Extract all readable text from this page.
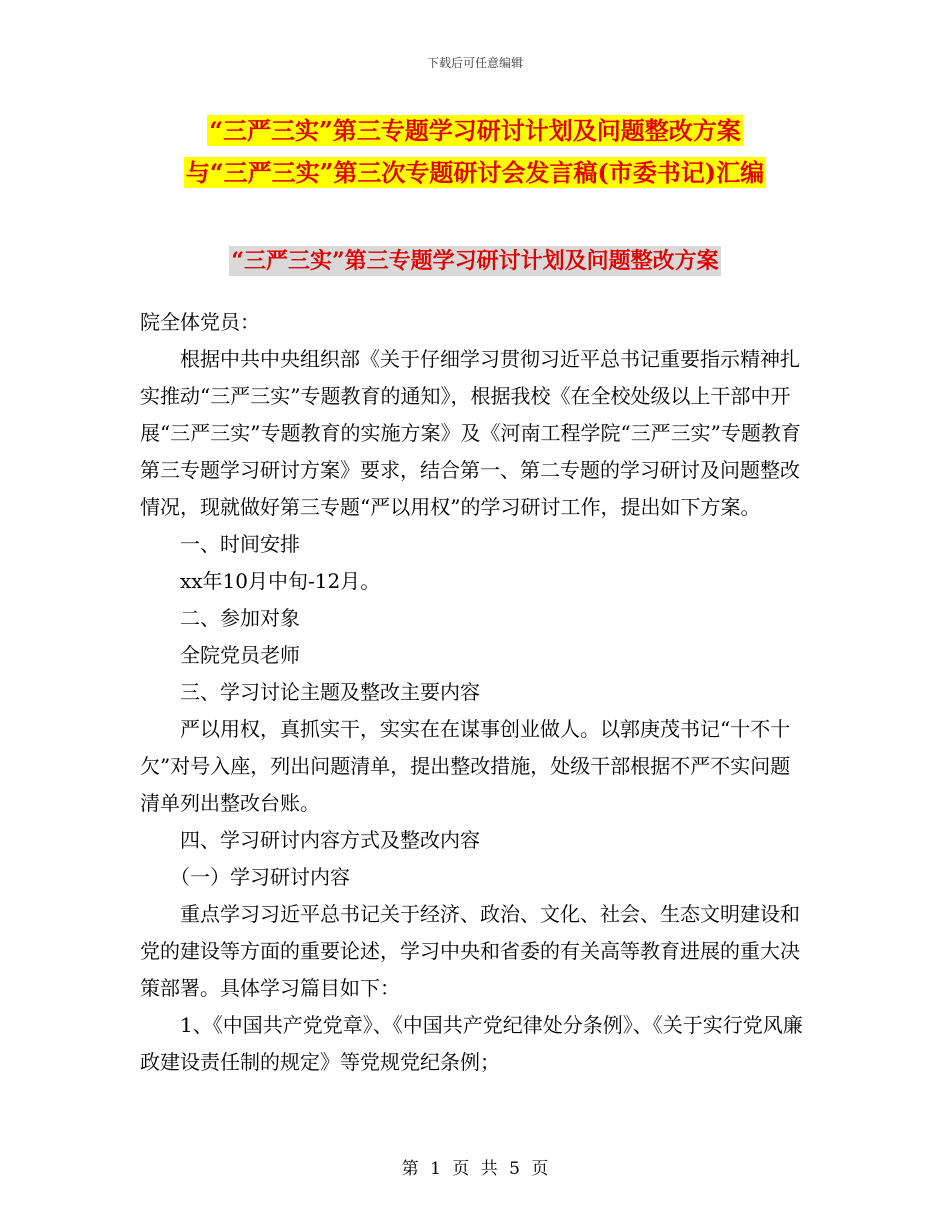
下载后可任意编辑
“三严三实”第三专题学习研讨计划及问题整改方案
与“三严三实”第三次专题研讨会发言稿(市委书记)汇编
“三严三实”第三专题学习研讨计划及问题整改方案

院全体党员：

根据中共中央组织部《关于仔细学习贯彻习近平总书记重要指示精神扎实推动“三严三实”专题教育的通知》，根据我校《在全校处级以上干部中开展“三严三实”专题教育的实施方案》及《河南工程学院“三严三实”专题教育第三专题学习研讨方案》要求，结合第一、第二专题的学习研讨及问题整改情况，现就做好第三专题“严以用权”的学习研讨工作，提出如下方案。

一、时间安排

xx年10月中旬-12月。

二、参加对象

全院党员老师

三、学习讨论主题及整改主要内容

严以用权，真抓实干，实实在在谋事创业做人。以郭庚茂书记“十不十欠”对号入座，列出问题清单，提出整改措施，处级干部根据不严不实问题清单列出整改台账。

四、学习研讨内容方式及整改内容

（一）学习研讨内容

重点学习习近平总书记关于经济、政治、文化、社会、生态文明建设和党的建设等方面的重要论述，学习中央和省委的有关高等教育进展的重大决策部署。具体学习篇目如下：

1、《中国共产党党章》、《中国共产党纪律处分条例》、《关于实行党风廉政建设责任制的规定》等党规党纪条例；

第 1 页 共 5 页
